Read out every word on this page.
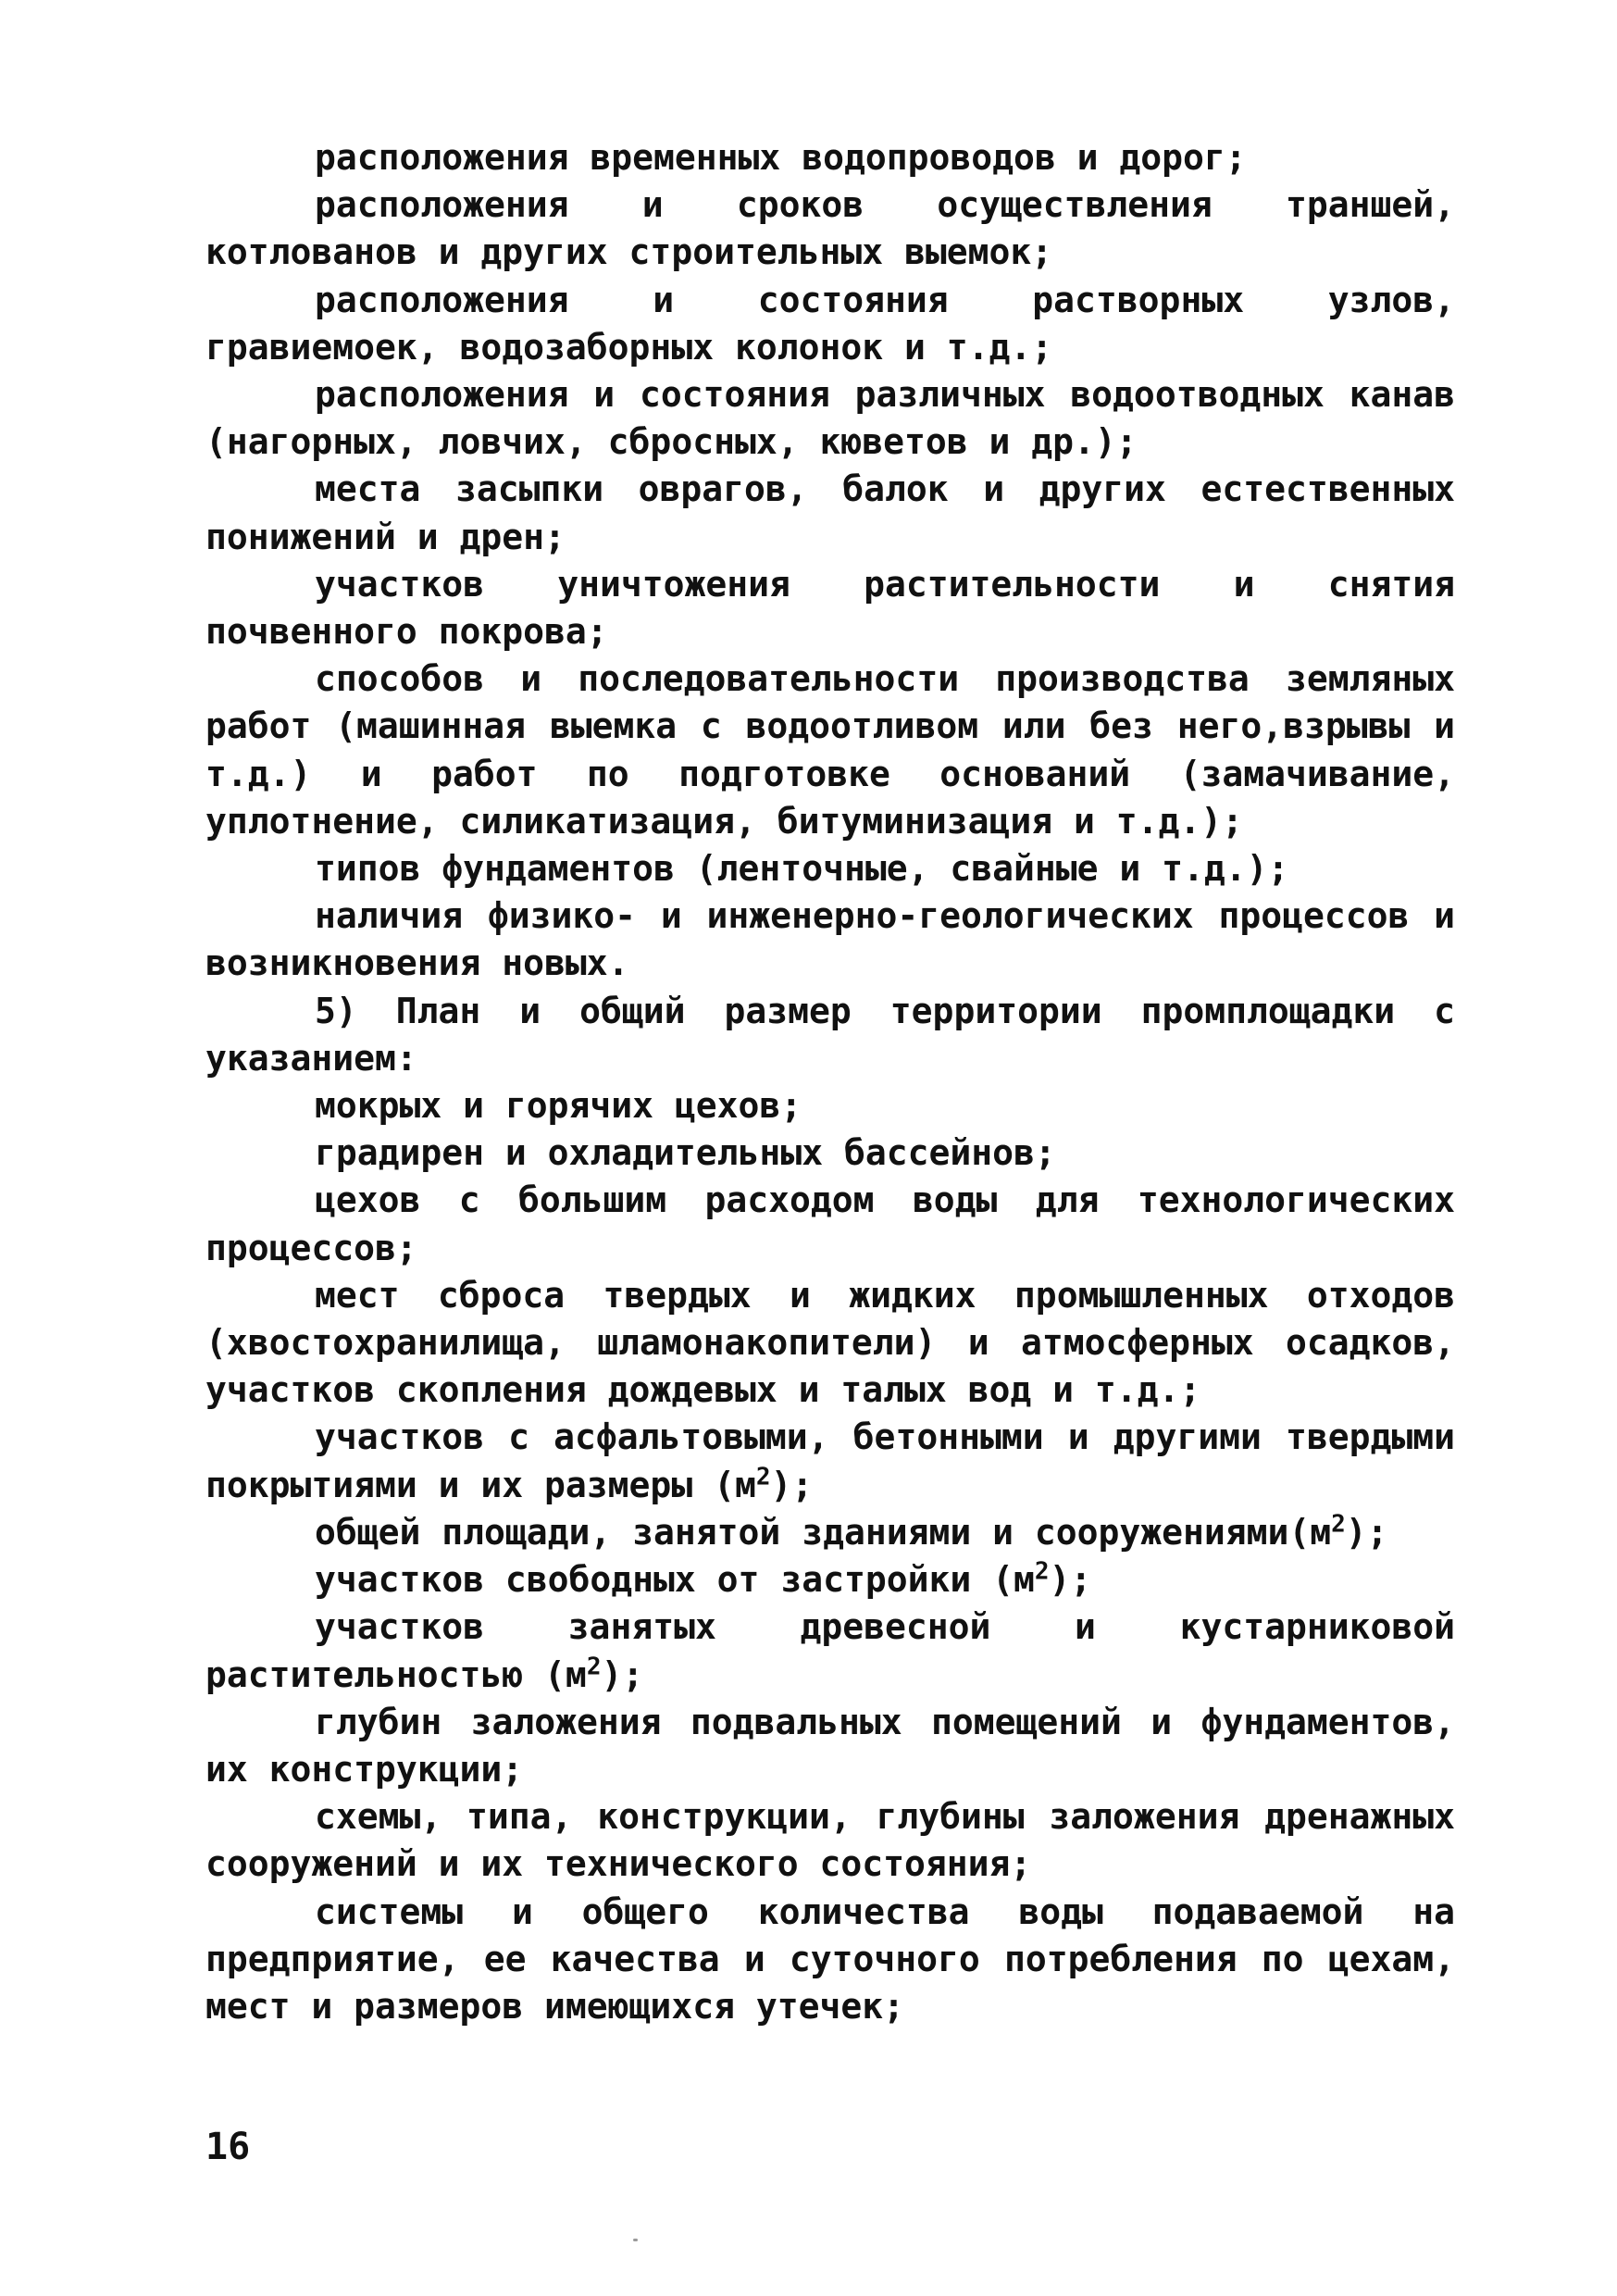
расположения временных водопроводов и дорог;

расположения и сроков осуществления траншей, котлованов и других строительных выемок;

расположения и состояния растворных узлов, гравиемоек, водозаборных колонок и т.д.;

расположения и состояния различных водоотводных канав (нагорных, ловчих, сбросных, кюветов и др.);

места засыпки оврагов, балок и других естественных понижений и дрен;

участков уничтожения растительности и снятия почвенного покрова;

способов и последовательности производства земляных работ (машинная выемка с водоотливом или без него,взрывы и т.д.) и работ по подготовке оснований (замачивание, уплотнение, силикатизация, битуминизация и т.д.);

типов фундаментов (ленточные, свайные и т.д.);

наличия физико- и инженерно-геологических процессов и возникновения новых.

5) План и общий размер территории промплощадки с указанием:

мокрых и горячих цехов;

градирен и охладительных бассейнов;

цехов с большим расходом воды для технологических процессов;

мест сброса твердых и жидких промышленных отходов (хвостохранилища, шламонакопители) и атмосферных осадков, участков скопления дождевых и талых вод и т.д.;

участков с асфальтовыми, бетонными и другими твердыми покрытиями и их размеры $(м^2)$;

общей площади, занятой зданиями и $сооружениями(м^2)$;

участков свободных от застройки $(м^2)$;

участков занятых древесной и кустарниковой растительностью $(м^2)$;

глубин заложения подвальных помещений и фундаментов, их конструкции;

схемы, типа, конструкции, глубины заложения дренажных сооружений и их технического состояния;

системы и общего количества воды подаваемой на предприятие, ее качества и суточного потребления по цехам, мест и размеров имеющихся утечек;

16
